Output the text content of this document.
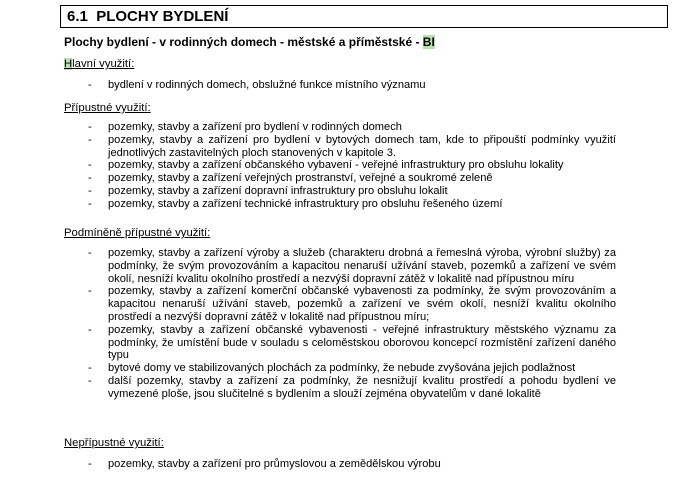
6.1 PLOCHY BYDLENÍ
Plochy bydlení - v rodinných domech - městské a příměstské - BI
Hlavní využití:
- bydlení v rodinných domech, obslužné funkce místního významu
Přípustné využití:
- pozemky, stavby a zařízení pro bydlení v rodinných domech
- pozemky, stavby a zařízení pro bydlení v bytových domech tam, kde to připouští podmínky využití jednotlivých zastavitelných ploch stanovených v kapitole 3.
- pozemky, stavby a zařízení občanského vybavení - veřejné infrastruktury pro obsluhu lokality
- pozemky, stavby a zařízení veřejných prostranství, veřejné a soukromé zeleně
- pozemky, stavby a zařízení dopravní infrastruktury pro obsluhu lokalit
- pozemky, stavby a zařízení technické infrastruktury pro obsluhu řešeného území
Podmíněně přípustné využití:
- pozemky, stavby a zařízení výroby a služeb (charakteru drobná a řemeslná výroba, výrobní služby) za podmínky, že svým provozováním a kapacitou nenaruší užívání staveb, pozemků a zařízení ve svém okolí, nesníží kvalitu okolního prostředí a nezvýší dopravní zátěž v lokalitě nad přípustnou míru
- pozemky, stavby a zařízení komerční občanské vybavenosti za podmínky, že svým provozováním a kapacitou nenaruší užívání staveb, pozemků a zařízení ve svém okolí, nesníží kvalitu okolního prostředí a nezvýší dopravní zátěž v lokalitě nad přípustnou míru;
- pozemky, stavby a zařízení občanské vybavenosti - veřejné infrastruktury městského významu za podmínky, že umístění bude v souladu s celoměstskou oborovou koncepcí rozmístění zařízení daného typu
- bytové domy ve stabilizovaných plochách za podmínky, že nebude zvyšována jejich podlažnost
- další pozemky, stavby a zařízení za podmínky, že nesnižují kvalitu prostředí a pohodu bydlení ve vymezené ploše, jsou slučitelné s bydlením a slouží zejména obyvatelům v dané lokalitě
Nepřípustné využití:
- pozemky, stavby a zařízení pro průmyslovou a zemědělskou výrobu
